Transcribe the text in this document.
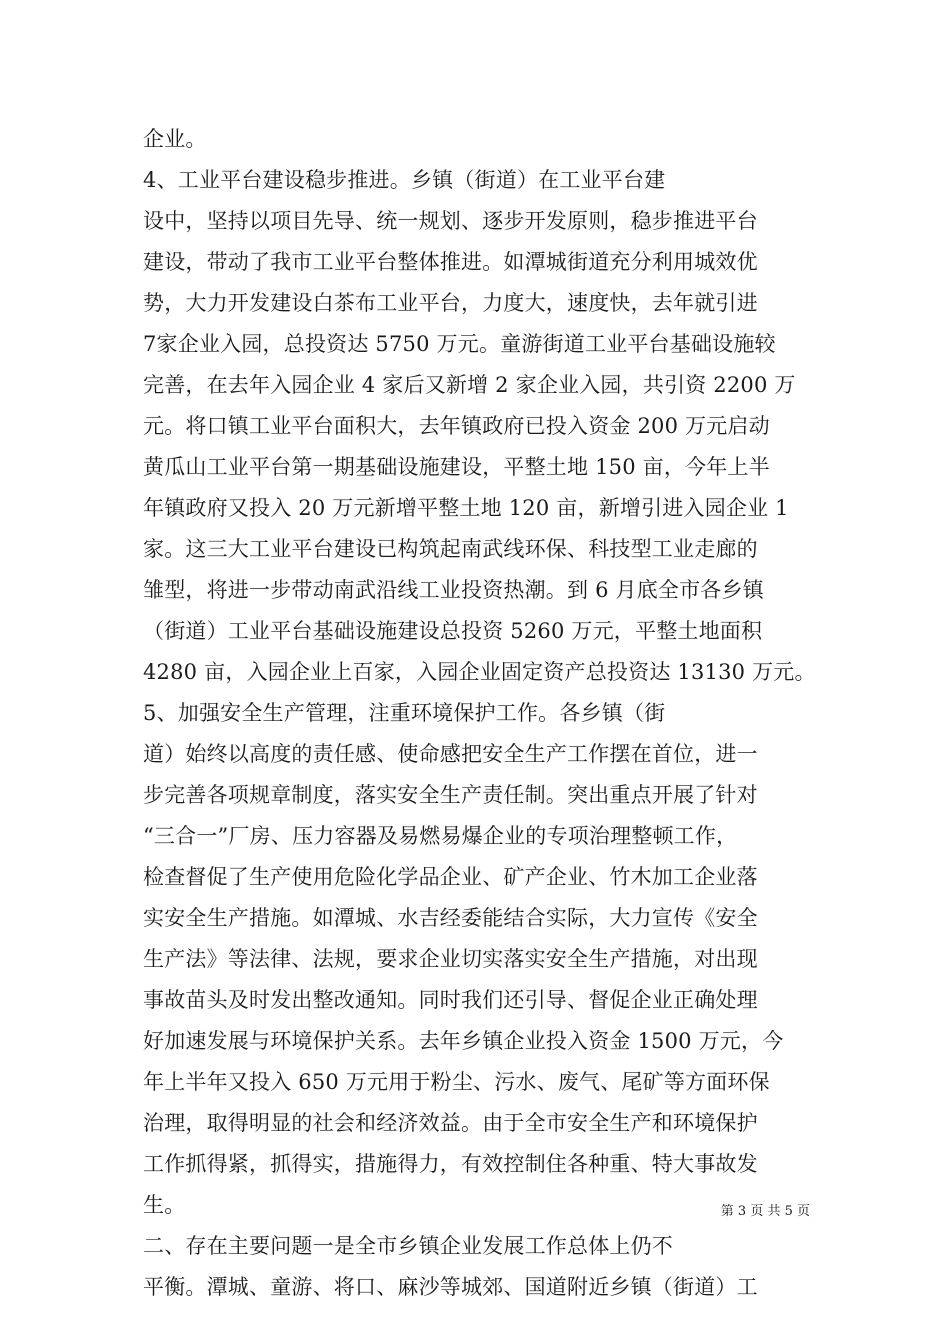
企业。
4、工业平台建设稳步推进。乡镇（街道）在工业平台建
设中，坚持以项目先导、统一规划、逐步开发原则，稳步推进平台
建设，带动了我市工业平台整体推进。如潭城街道充分利用城效优
势，大力开发建设白茶布工业平台，力度大，速度快，去年就引进
7家企业入园，总投资达 5750 万元。童游街道工业平台基础设施较
完善，在去年入园企业 4 家后又新增 2 家企业入园，共引资 2200 万
元。将口镇工业平台面积大，去年镇政府已投入资金 200 万元启动
黄瓜山工业平台第一期基础设施建设，平整土地 150 亩，今年上半
年镇政府又投入 20 万元新增平整土地 120 亩，新增引进入园企业 1
家。这三大工业平台建设已构筑起南武线环保、科技型工业走廊的
雏型，将进一步带动南武沿线工业投资热潮。到 6 月底全市各乡镇
（街道）工业平台基础设施建设总投资 5260 万元，平整土地面积
4280 亩，入园企业上百家，入园企业固定资产总投资达 13130 万元。
5、加强安全生产管理，注重环境保护工作。各乡镇（街
道）始终以高度的责任感、使命感把安全生产工作摆在首位，进一
步完善各项规章制度，落实安全生产责任制。突出重点开展了针对
“三合一”厂房、压力容器及易燃易爆企业的专项治理整顿工作，
检查督促了生产使用危险化学品企业、矿产企业、竹木加工企业落
实安全生产措施。如潭城、水吉经委能结合实际，大力宣传《安全
生产法》等法律、法规，要求企业切实落实安全生产措施，对出现
事故苗头及时发出整改通知。同时我们还引导、督促企业正确处理
好加速发展与环境保护关系。去年乡镇企业投入资金 1500 万元，今
年上半年又投入 650 万元用于粉尘、污水、废气、尾矿等方面环保
治理，取得明显的社会和经济效益。由于全市安全生产和环境保护
工作抓得紧，抓得实，措施得力，有效控制住各种重、特大事故发
生。
二、存在主要问题一是全市乡镇企业发展工作总体上仍不
平衡。潭城、童游、将口、麻沙等城郊、国道附近乡镇（街道）工
第 3 页 共 5 页
